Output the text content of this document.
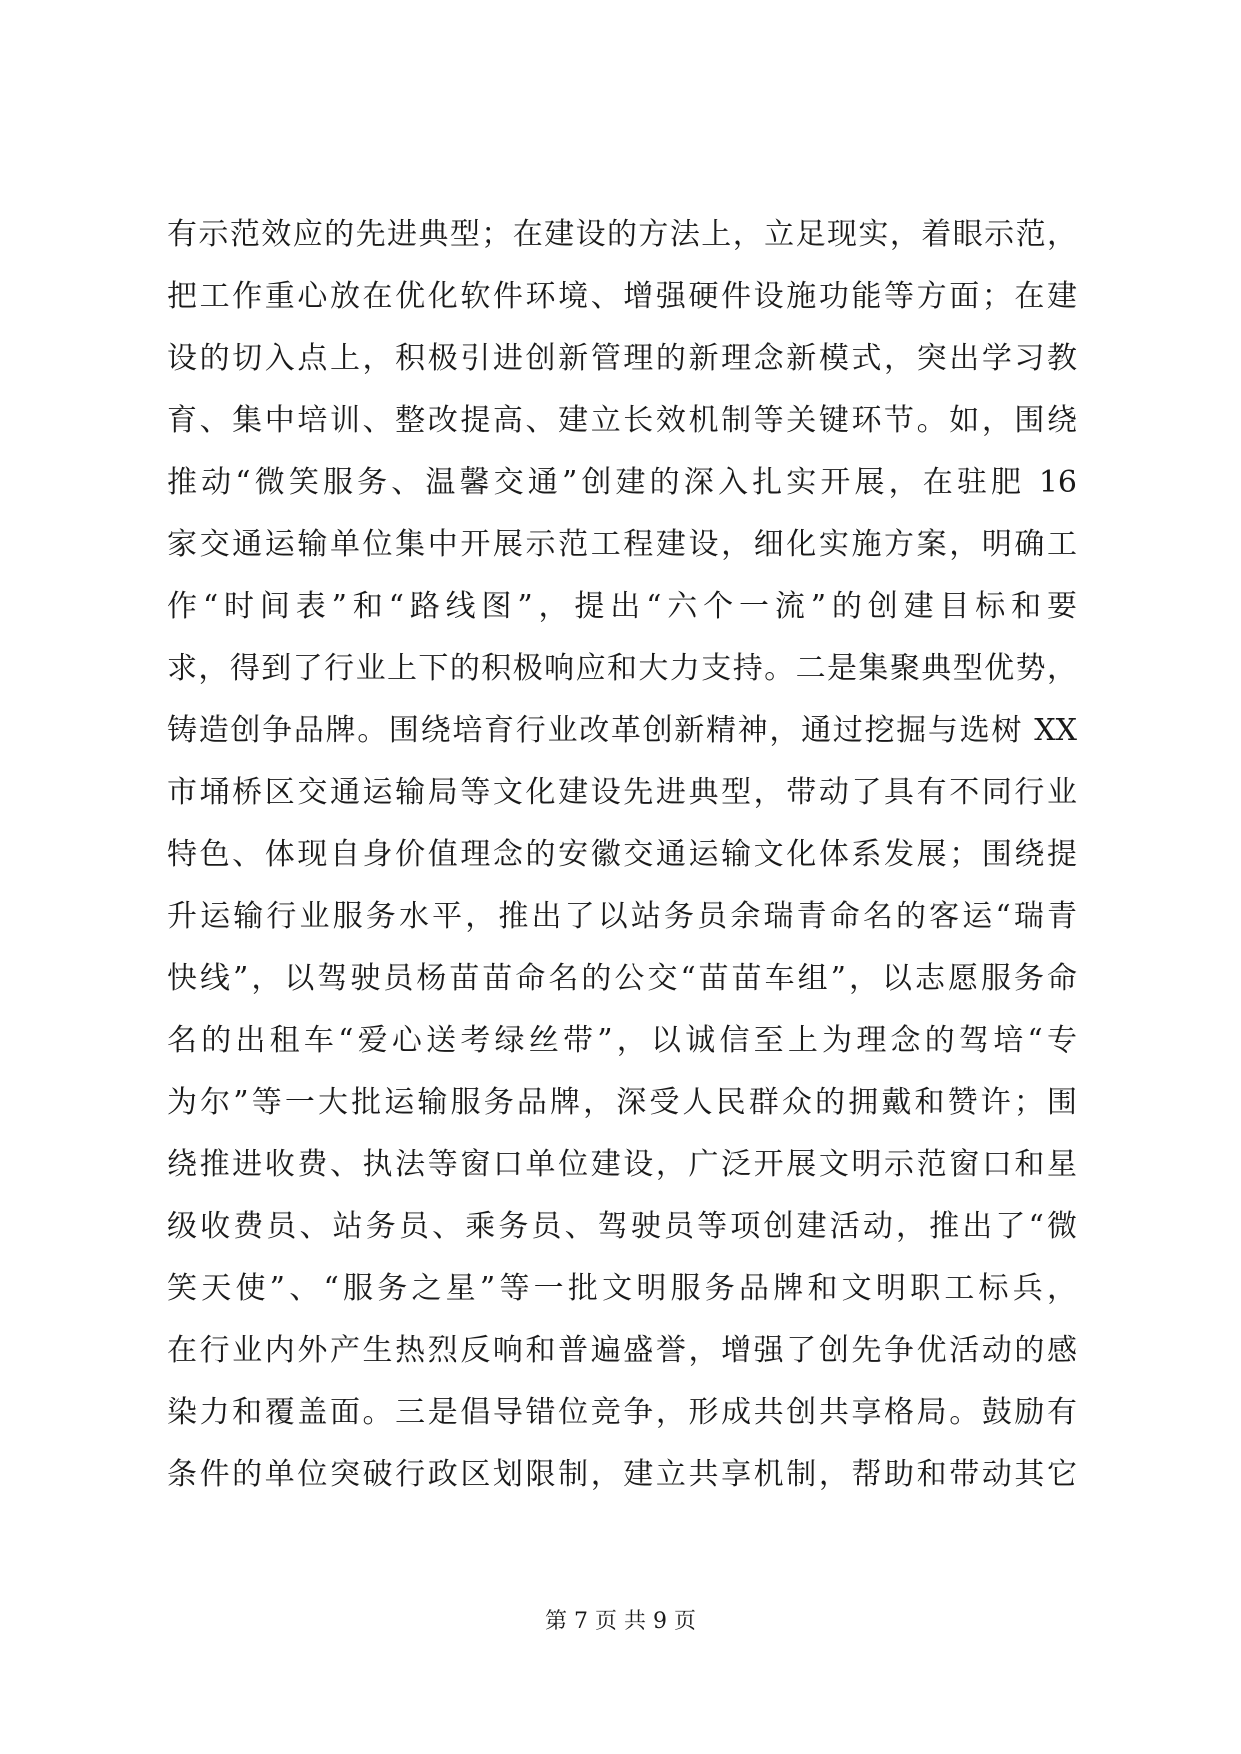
有示范效应的先进典型；在建设的方法上，立足现实，着眼示范，
把工作重心放在优化软件环境、增强硬件设施功能等方面；在建
设的切入点上，积极引进创新管理的新理念新模式，突出学习教
育、集中培训、整改提高、建立长效机制等关键环节。如，围绕
推动“微笑服务、温馨交通”创建的深入扎实开展，在驻肥 16
家交通运输单位集中开展示范工程建设，细化实施方案，明确工
作“时间表”和“路线图”，提出“六个一流”的创建目标和要
求，得到了行业上下的积极响应和大力支持。二是集聚典型优势，
铸造创争品牌。围绕培育行业改革创新精神，通过挖掘与选树 XX
市埇桥区交通运输局等文化建设先进典型，带动了具有不同行业
特色、体现自身价值理念的安徽交通运输文化体系发展；围绕提
升运输行业服务水平，推出了以站务员余瑞青命名的客运“瑞青
快线”，以驾驶员杨苗苗命名的公交“苗苗车组”，以志愿服务命
名的出租车“爱心送考绿丝带”，以诚信至上为理念的驾培“专
为尔”等一大批运输服务品牌，深受人民群众的拥戴和赞许；围
绕推进收费、执法等窗口单位建设，广泛开展文明示范窗口和星
级收费员、站务员、乘务员、驾驶员等项创建活动，推出了“微
笑天使”、“服务之星”等一批文明服务品牌和文明职工标兵，
在行业内外产生热烈反响和普遍盛誉，增强了创先争优活动的感
染力和覆盖面。三是倡导错位竞争，形成共创共享格局。鼓励有
条件的单位突破行政区划限制，建立共享机制，帮助和带动其它
第 7 页 共 9 页
